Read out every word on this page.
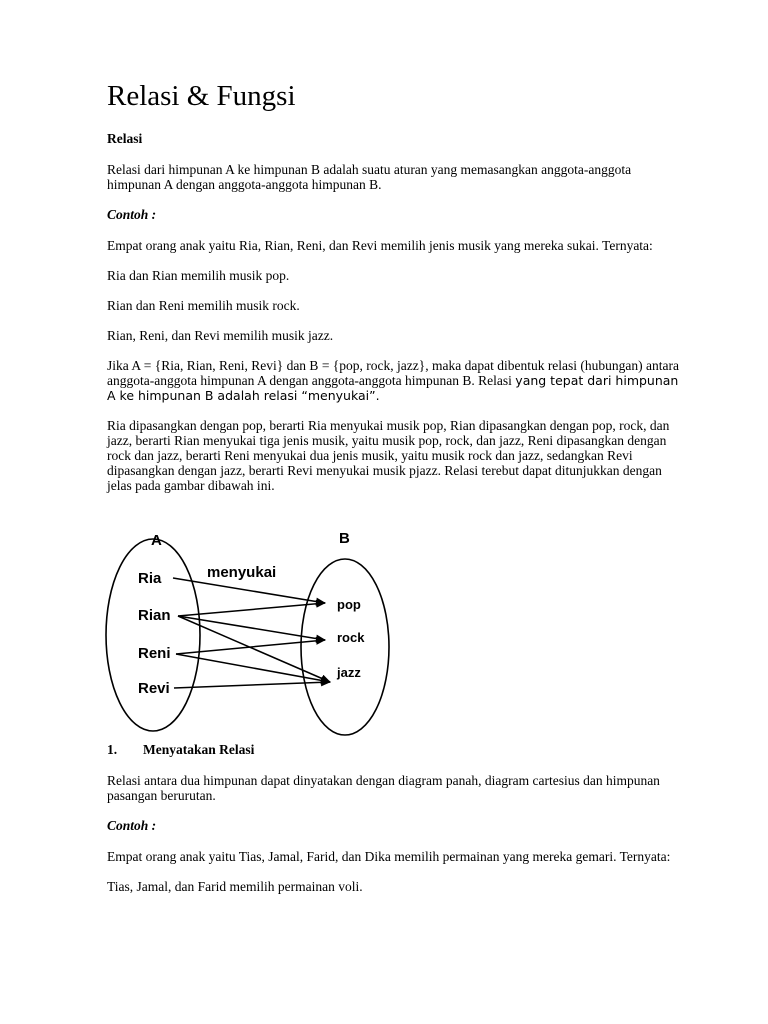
Relasi & Fungsi
Relasi

Relasi dari himpunan A ke himpunan B adalah suatu aturan yang memasangkan anggota-anggota himpunan A dengan anggota-anggota himpunan B.

Contoh :

Empat orang anak yaitu Ria, Rian, Reni, dan Revi memilih jenis musik yang mereka sukai. Ternyata:

Ria dan Rian memilih musik pop.

Rian dan Reni memilih musik rock.

Rian, Reni, dan Revi memilih musik jazz.

Jika A = {Ria, Rian, Reni, Revi} dan B = {pop, rock, jazz}, maka dapat dibentuk relasi (hubungan) antara anggota-anggota himpunan A dengan anggota-anggota himpunan B. Relasi yang tepat dari himpunan A ke himpunan B adalah relasi “menyukai”.

Ria dipasangkan dengan pop, berarti Ria menyukai musik pop, Rian dipasangkan dengan pop, rock, dan jazz, berarti Rian menyukai tiga jenis musik, yaitu musik pop, rock, dan jazz, Reni dipasangkan dengan rock dan jazz, berarti Reni menyukai dua jenis musik, yaitu musik rock dan jazz, sedangkan Revi dipasangkan dengan jazz, berarti Revi menyukai musik pjazz. Relasi terebut dapat ditunjukkan dengan jelas pada gambar dibawah ini.

1.	Menyatakan Relasi

Relasi antara dua himpunan dapat dinyatakan dengan diagram panah, diagram cartesius dan himpunan pasangan berurutan.

Contoh :

Empat orang anak yaitu Tias, Jamal, Farid, dan Dika memilih permainan yang mereka gemari. Ternyata:

Tias, Jamal, dan Farid memilih permainan voli.

A	B
menyukai
Ria
Rian
Reni
Revi
pop
rock
jazz
